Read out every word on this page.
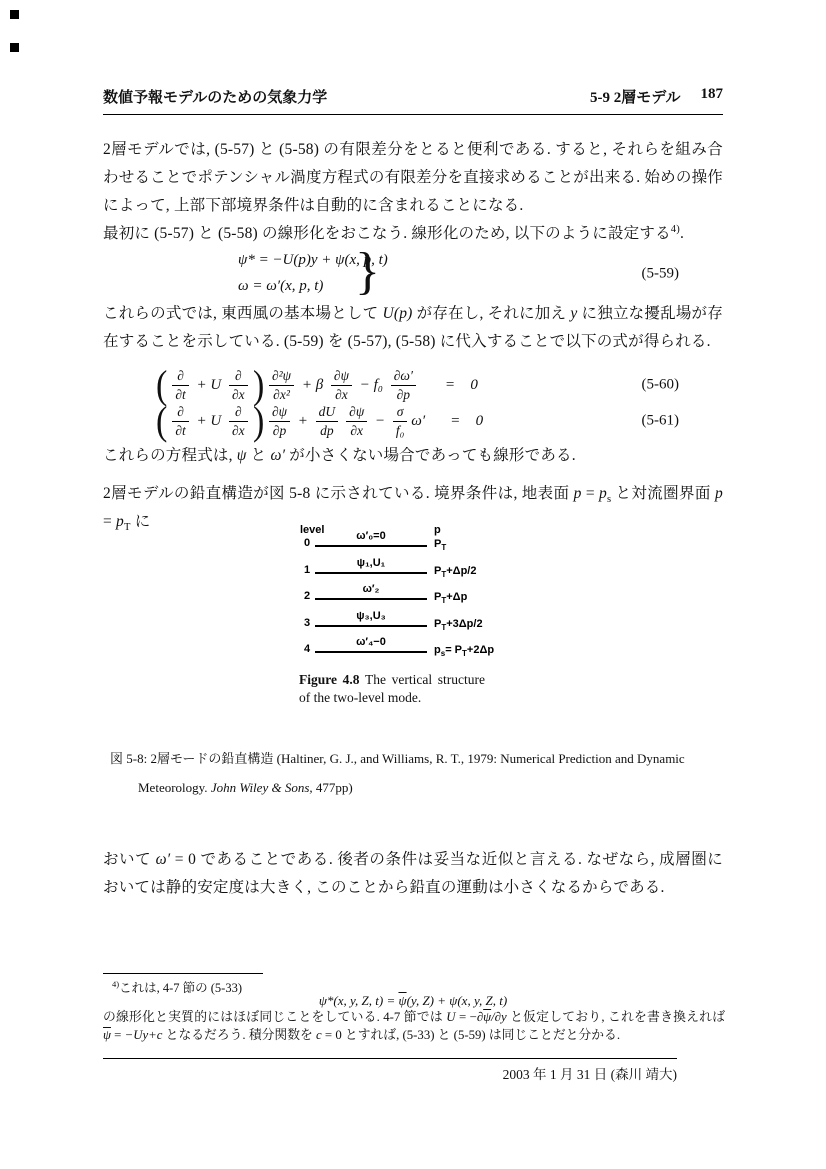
数値予報モデルのための気象力学	5-9 2層モデル 187

2層モデルでは, (5-57) と (5-58) の有限差分をとると便利である. すると, それらを組み合わせることでポテンシャル渦度方程式の有限差分を直接求めることが出来る. 始めの操作によって, 上部下部境界条件は自動的に含まれることになる.

最初に (5-57) と (5-58) の線形化をおこなう. 線形化のため, 以下のように設定する$^{4)}$.

ψ* = −U(p)y + ψ(x, p, t)
ω = ω′(x, p, t) }	(5-59)

これらの式では, 東西風の基本場として U(p) が存在し, それに加え y に独立な擾乱場が存在することを示している. (5-59) を (5-57), (5-58) に代入することで以下の式が得られる.

( $\frac{\partial}{\partial t} + U \frac{\partial}{\partial x}$ ) $\frac{\text{∂²ψ}}{\text{∂x²}} + \beta \frac{\partial\psi}{\partial x} - f_0 \frac{\partial\omega'}{\partial p} = 0$	(5-60)
( $\frac{\partial}{\partial t} + U \frac{\partial}{\partial x}$ ) $\frac{\partial\psi}{\partial p} + \frac{dU}{dp} \frac{\partial\psi}{\partial x} - \frac{\sigma}{\text{f₀}} \omega' = 0$	(5-61)

これらの方程式は, ψ と ω′ が小さくない場合であっても線形である.

2層モデルの鉛直構造が図 5-8 に示されている. 境界条件は, 地表面 $p = p_s$ と対流圏界面 $p = p_T$ に	level	p
0
ω′₀=0
$P_T$
1
ψ₁,U₁
$P_T+\Delta p/2$
2
ω′₂
$P_T+\Delta p$
3
ψ₃,U₃
$P_T+3\Delta p/2$
4
ω′₄−0
$p_s= P_T+2\Delta p$
Figure 4.8 The vertical structure of the two-level mode.
図 5-8: 2層モードの鉛直構造 (Haltiner, G. J., and Williams, R. T., 1979: Numerical Prediction and Dynamic Meteorology. John Wiley & Sons, 477pp)

おいて ω′ = 0 であることである. 後者の条件は妥当な近似と言える. なぜなら, 成層圏においては静的安定度は大きく, このことから鉛直の運動は小さくなるからである.

$^{4)}$これは, 4-7 節の (5-33)
ψ*(x, y, Z, $t) = \overline{\psi}(y$, Z) + ψ(x, y, Z, t)
の線形化と実質的にはほぼ同じことをしている. 4-7 節では $U = -\partial\overline{\psi}/\partial y$ と仮定しており, これを書き換えれば $\overline{\psi} = -Uy+c$ となるだろう. 積分関数を c = 0 とすれば, (5-33) と (5-59) は同じことだと分かる.
2003 年 1 月 31 日 (森川 靖大)
